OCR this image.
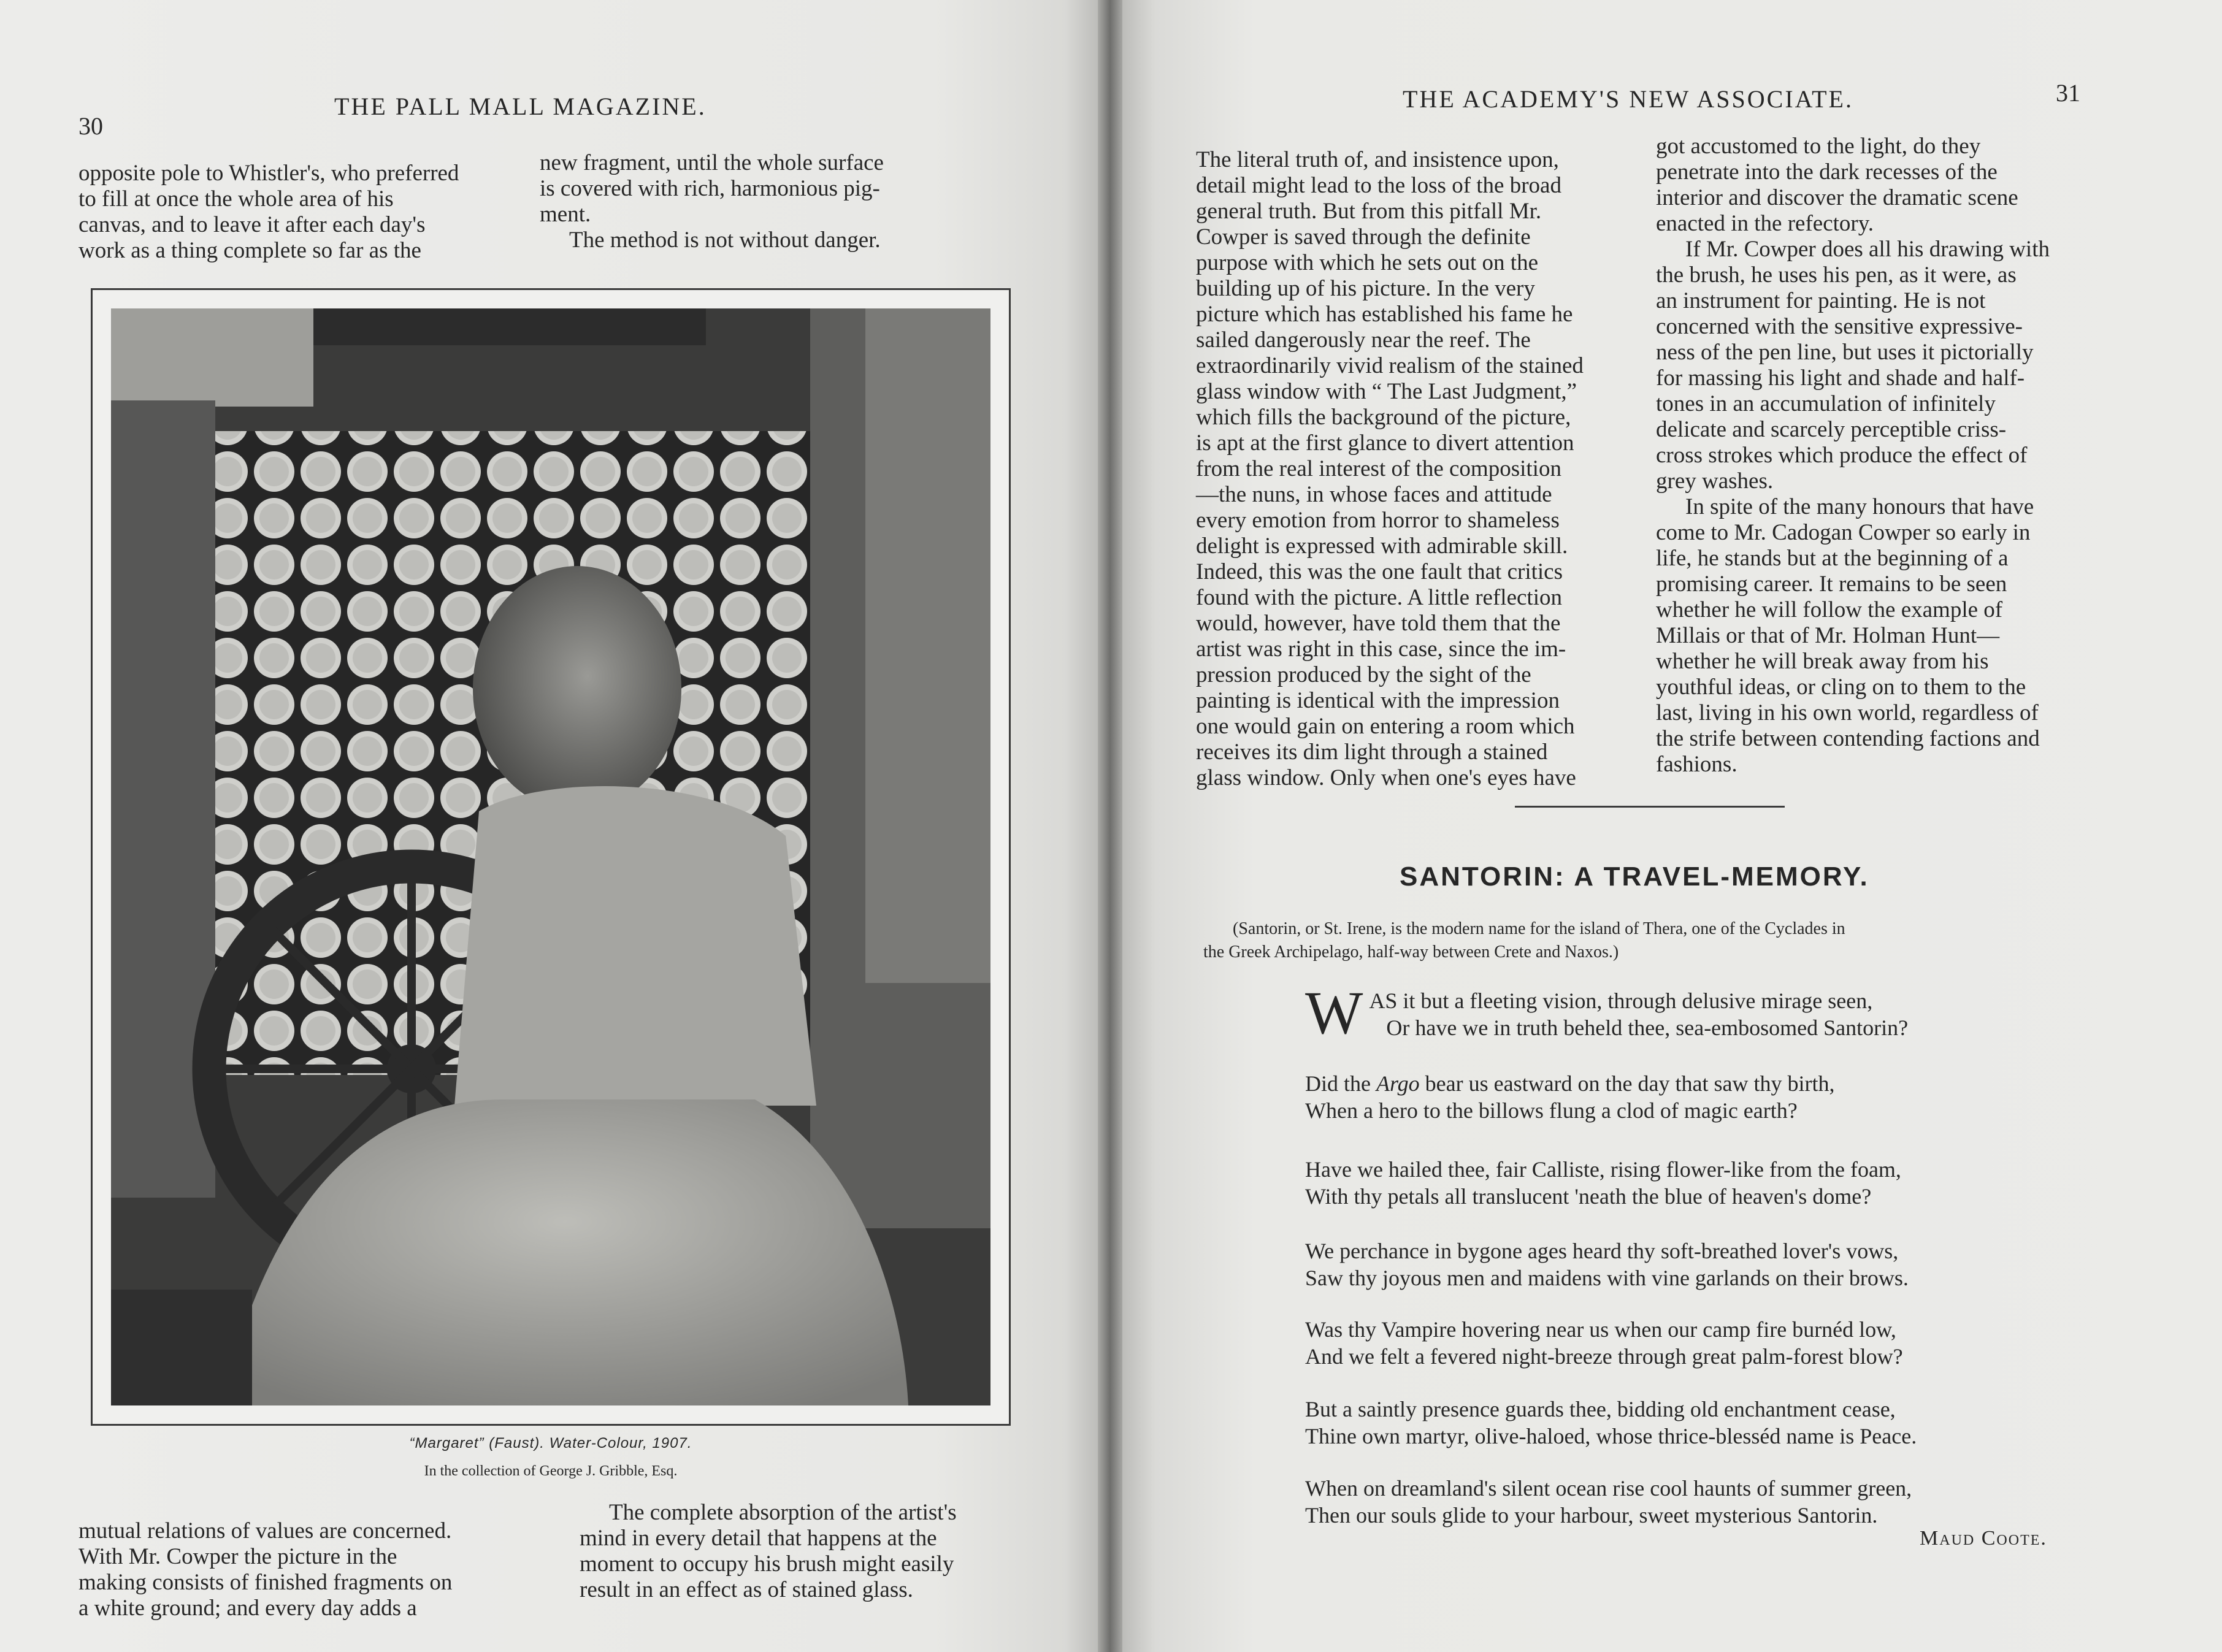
30
THE PALL MALL MAGAZINE.

opposite pole to Whistler's, who preferred

to fill at once the whole area of his

canvas, and to leave it after each day's

work as a thing complete so far as the

new fragment, until the whole surface

is covered with rich, harmonious pig-

ment.

The method is not without danger.

“Margaret” (Faust). Water-Colour, 1907.
In the collection of George J. Gribble, Esq.

mutual relations of values are concerned.

With Mr. Cowper the picture in the

making consists of finished fragments on

a white ground; and every day adds a

The complete absorption of the artist's

mind in every detail that happens at the

moment to occupy his brush might easily

result in an effect as of stained glass.

THE ACADEMY'S NEW ASSOCIATE.	31

The literal truth of, and insistence upon,

detail might lead to the loss of the broad

general truth. But from this pitfall Mr.

Cowper is saved through the definite

purpose with which he sets out on the

building up of his picture. In the very

picture which has established his fame he

sailed dangerously near the reef. The

extraordinarily vivid realism of the stained

glass window with “ The Last Judgment,”

which fills the background of the picture,

is apt at the first glance to divert attention

from the real interest of the composition

—the nuns, in whose faces and attitude

every emotion from horror to shameless

delight is expressed with admirable skill.

Indeed, this was the one fault that critics

found with the picture. A little reflection

would, however, have told them that the

artist was right in this case, since the im-

pression produced by the sight of the

painting is identical with the impression

one would gain on entering a room which

receives its dim light through a stained

glass window. Only when one's eyes have

got accustomed to the light, do they

penetrate into the dark recesses of the

interior and discover the dramatic scene

enacted in the refectory.

If Mr. Cowper does all his drawing with

the brush, he uses his pen, as it were, as

an instrument for painting. He is not

concerned with the sensitive expressive-

ness of the pen line, but uses it pictorially

for massing his light and shade and half-

tones in an accumulation of infinitely

delicate and scarcely perceptible criss-

cross strokes which produce the effect of

grey washes.

In spite of the many honours that have

come to Mr. Cadogan Cowper so early in

life, he stands but at the beginning of a

promising career. It remains to be seen

whether he will follow the example of

Millais or that of Mr. Holman Hunt—

whether he will break away from his

youthful ideas, or cling on to them to the

last, living in his own world, regardless of

the strife between contending factions and

fashions.

SANTORIN: A TRAVEL-MEMORY.
(Santorin, or St. Irene, is the modern name for the island of Thera, one of the Cyclades in
the Greek Archipelago, half-way between Crete and Naxos.)
W AS it but a fleeting vision, through delusive mirage seen,
Or have we in truth beheld thee, sea-embosomed Santorin?
Did the Argo bear us eastward on the day that saw thy birth,
When a hero to the billows flung a clod of magic earth?
Have we hailed thee, fair Calliste, rising flower-like from the foam,
With thy petals all translucent 'neath the blue of heaven's dome?
We perchance in bygone ages heard thy soft-breathed lover's vows,
Saw thy joyous men and maidens with vine garlands on their brows.
Was thy Vampire hovering near us when our camp fire burnéd low,
And we felt a fevered night-breeze through great palm-forest blow?
But a saintly presence guards thee, bidding old enchantment cease,
Thine own martyr, olive-haloed, whose thrice-blesséd name is Peace.
When on dreamland's silent ocean rise cool haunts of summer green,
Then our souls glide to your harbour, sweet mysterious Santorin.
Maud Coote.
